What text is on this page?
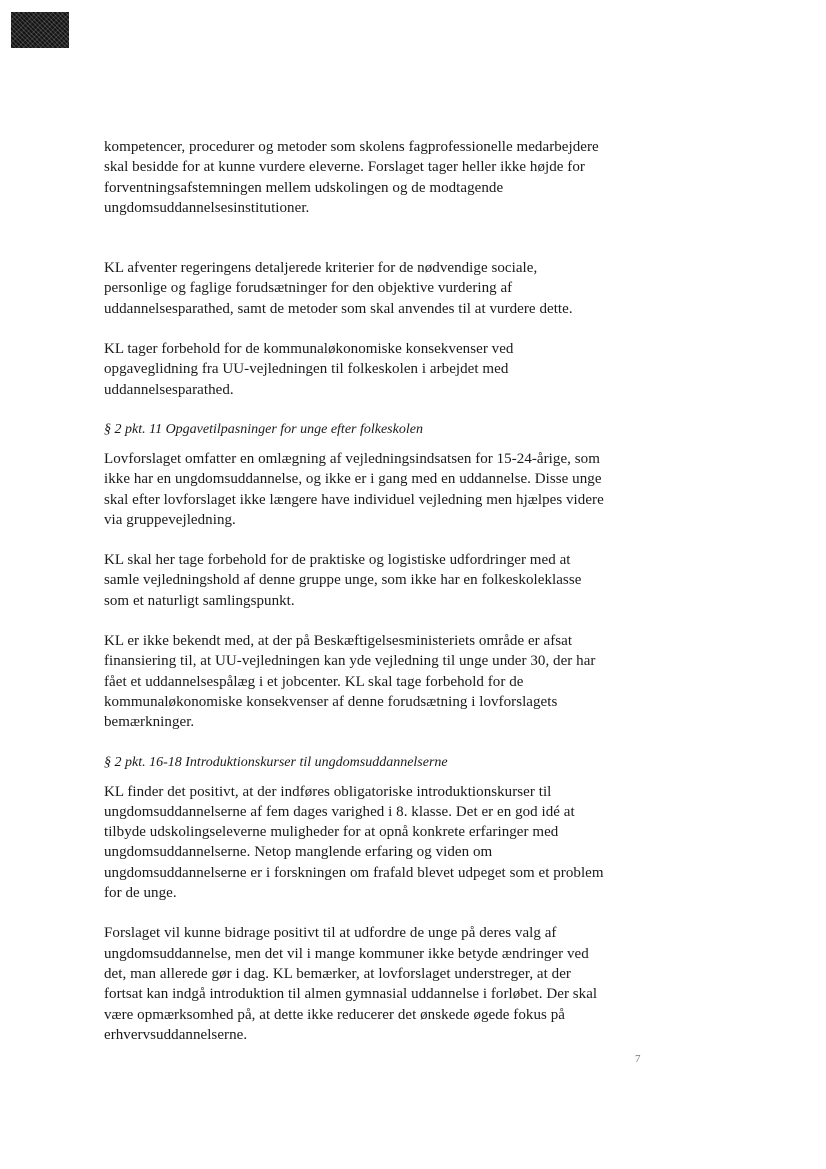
kompetencer, procedurer og metoder som skolens fagprofessionelle medarbejdere skal besidde for at kunne vurdere eleverne. Forslaget tager heller ikke højde for forventningsafstemningen mellem udskolingen og de modtagende ungdomsuddannelsesinstitutioner.

KL afventer regeringens detaljerede kriterier for de nødvendige sociale, personlige og faglige forudsætninger for den objektive vurdering af uddannelsesparathed, samt de metoder som skal anvendes til at vurdere dette.

KL tager forbehold for de kommunaløkonomiske konsekvenser ved opgaveglidning fra UU-vejledningen til folkeskolen i arbejdet med uddannelsesparathed.

§ 2 pkt. 11 Opgavetilpasninger for unge efter folkeskolen

Lovforslaget omfatter en omlægning af vejledningsindsatsen for 15-24-årige, som ikke har en ungdomsuddannelse, og ikke er i gang med en uddannelse. Disse unge skal efter lovforslaget ikke længere have individuel vejledning men hjælpes videre via gruppevejledning.

KL skal her tage forbehold for de praktiske og logistiske udfordringer med at samle vejledningshold af denne gruppe unge, som ikke har en folkeskoleklasse som et naturligt samlingspunkt.

KL er ikke bekendt med, at der på Beskæftigelsesministeriets område er afsat finansiering til, at UU-vejledningen kan yde vejledning til unge under 30, der har fået et uddannelsespålæg i et jobcenter. KL skal tage forbehold for de kommunaløkonomiske konsekvenser af denne forudsætning i lovforslagets bemærkninger.

§ 2 pkt. 16-18 Introduktionskurser til ungdomsuddannelserne

KL finder det positivt, at der indføres obligatoriske introduktionskurser til ungdomsuddannelserne af fem dages varighed i 8. klasse. Det er en god idé at tilbyde udskolingseleverne muligheder for at opnå konkrete erfaringer med ungdomsuddannelserne. Netop manglende erfaring og viden om ungdomsuddannelserne er i forskningen om frafald blevet udpeget som et problem for de unge.

Forslaget vil kunne bidrage positivt til at udfordre de unge på deres valg af ungdomsuddannelse, men det vil i mange kommuner ikke betyde ændringer ved det, man allerede gør i dag. KL bemærker, at lovforslaget understreger, at der fortsat kan indgå introduktion til almen gymnasial uddannelse i forløbet. Der skal være opmærksomhed på, at dette ikke reducerer det ønskede øgede fokus på erhvervsuddannelserne.

7
